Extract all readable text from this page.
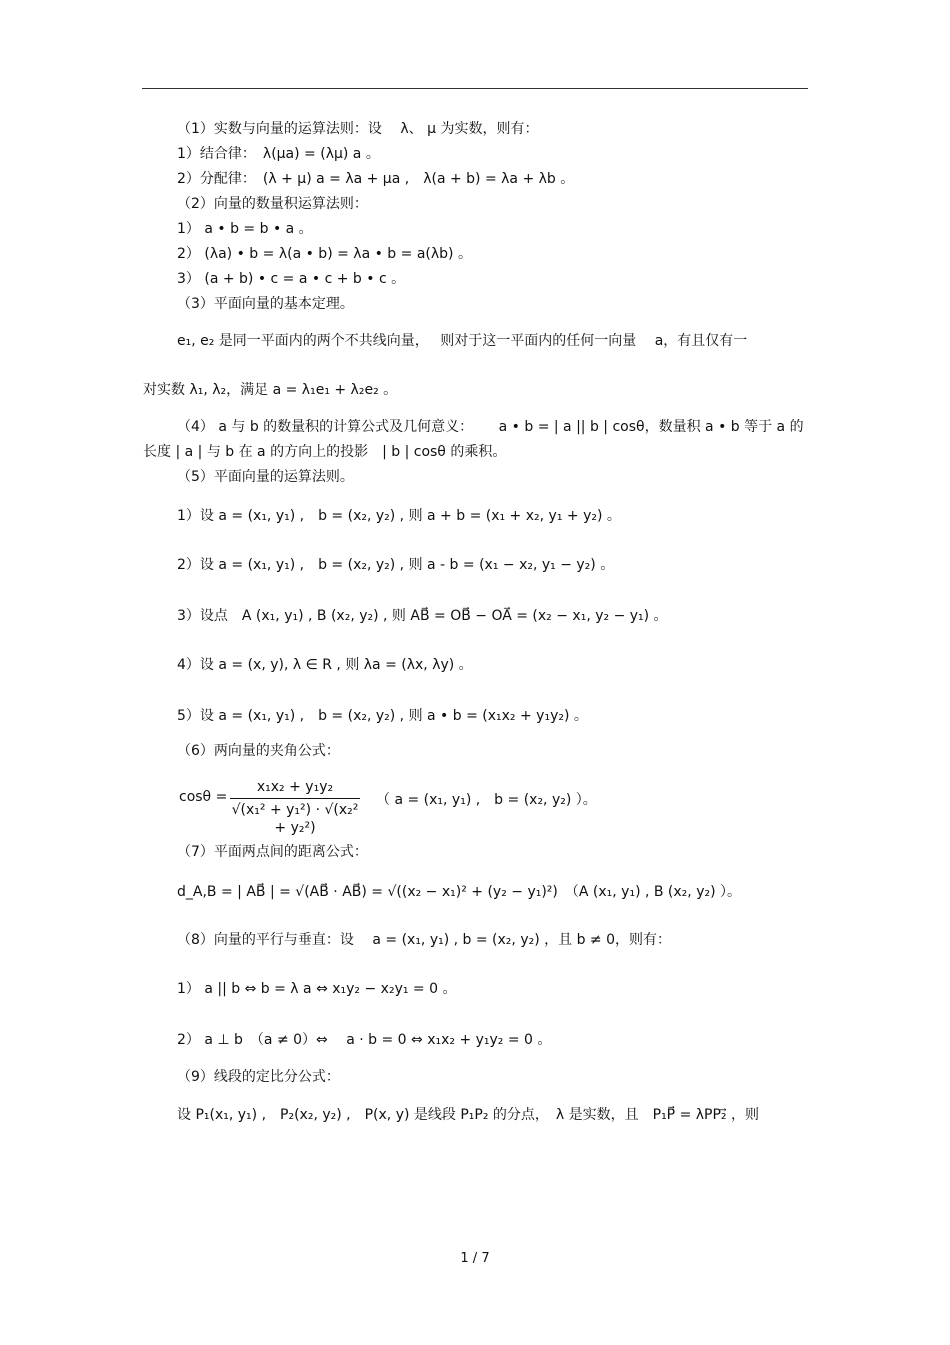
（1）实数与向量的运算法则：设　 λ、 μ 为实数，则有：
1）结合律：　λ(μa) = (λμ) a 。
2）分配律：　(λ + μ) a = λa + μa ,　λ(a + b) = λa + λb 。
（2）向量的数量积运算法则：
1） a • b = b • a 。
2） (λa) • b = λ(a • b) = λa • b = a(λb) 。
3） (a + b) • c = a • c + b • c 。
（3）平面向量的基本定理。
e₁, e₂ 是同一平面内的两个不共线向量，　 则对于这一平面内的任何一向量　 a，有且仅有一
对实数 λ₁, λ₂，满足 a = λ₁e₁ + λ₂e₂ 。
（4） a 与 b 的数量积的计算公式及几何意义：　　 a • b = | a || b | cosθ，数量积 a • b 等于 a 的
长度 | a | 与 b 在 a 的方向上的投影　| b | cosθ 的乘积。
（5）平面向量的运算法则。
1）设 a = (x₁, y₁) ,　b = (x₂, y₂) , 则 a + b = (x₁ + x₂, y₁ + y₂) 。
2）设 a = (x₁, y₁) ,　b = (x₂, y₂) , 则 a - b = (x₁ − x₂, y₁ − y₂) 。
3）设点　A (x₁, y₁) , B (x₂, y₂) , 则 AB⃗ = OB⃗ − OA⃗ = (x₂ − x₁, y₂ − y₁) 。
4）设 a = (x, y), λ ∈ R , 则 λa = (λx, λy) 。
5）设 a = (x₁, y₁) ,　b = (x₂, y₂) , 则 a • b = (x₁x₂ + y₁y₂) 。
（6）两向量的夹角公式：
cosθ =
x₁x₂ + y₁y₂
√(x₁² + y₁²) · √(x₂² + y₂²)
（ a = (x₁, y₁) ,　b = (x₂, y₂) ）。
（7）平面两点间的距离公式：
d_A,B = | AB⃗ | = √(AB⃗ · AB⃗) = √((x₂ − x₁)² + (y₂ − y₁)²)　（A (x₁, y₁) , B (x₂, y₂) ）。
（8）向量的平行与垂直：设　 a = (x₁, y₁) , b = (x₂, y₂) ，且 b ≠ 0，则有：
1） a || b ⇔ b = λ a ⇔ x₁y₂ − x₂y₁ = 0 。
2） a ⊥ b　（a ≠ 0）⇔　 a · b = 0 ⇔ x₁x₂ + y₁y₂ = 0 。
（9）线段的定比分公式：
设 P₁(x₁, y₁) ,　P₂(x₂, y₂) ,　P(x, y) 是线段 P₁P₂ 的分点，　λ 是实数，且　P₁P⃗ = λPP₂⃗ ，则
1 / 7
